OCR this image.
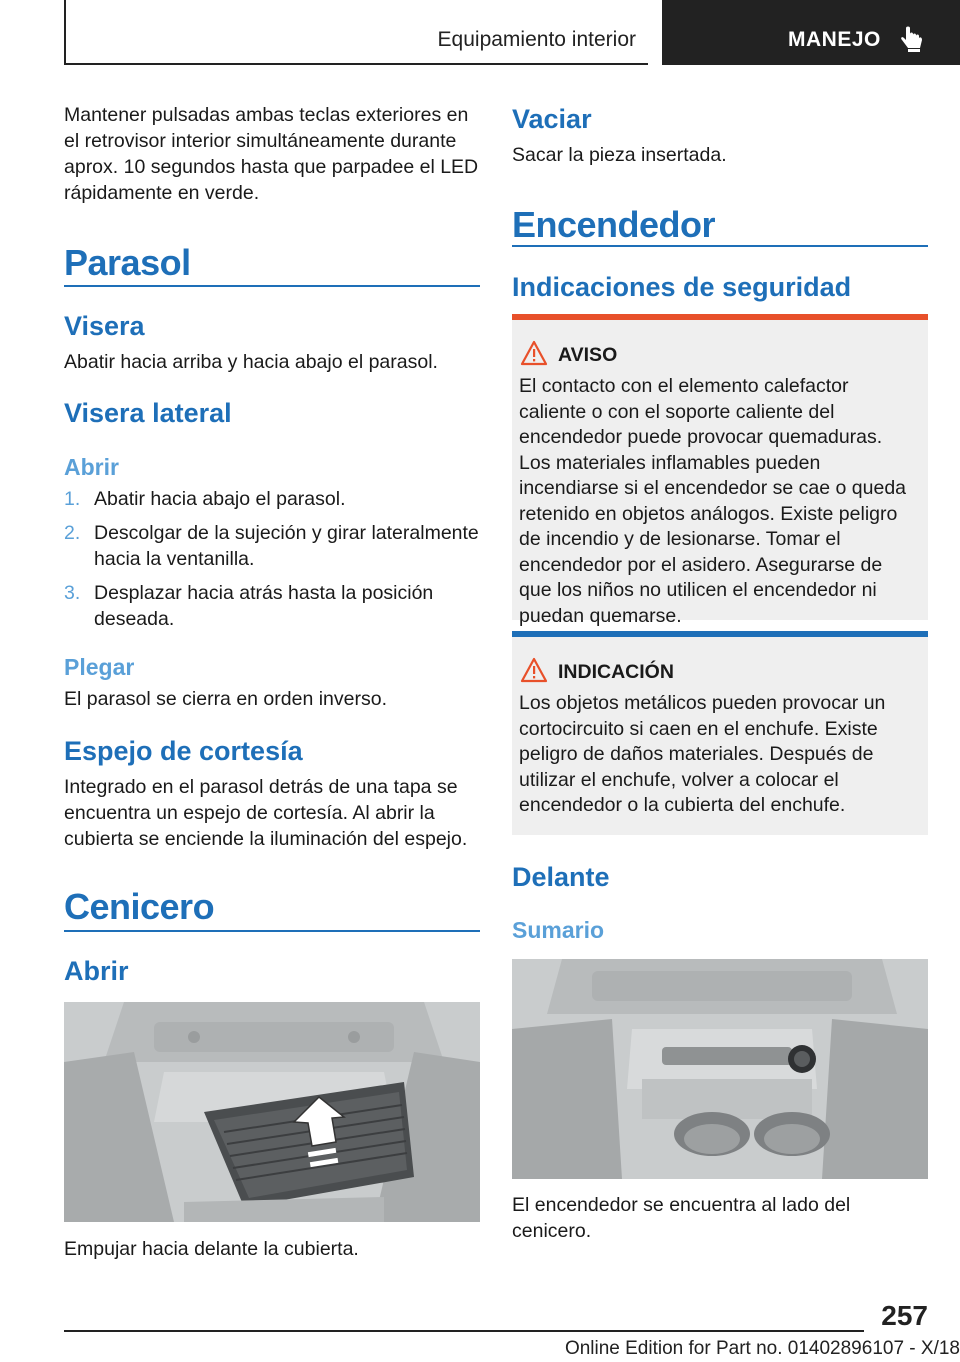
Equipamiento interior	MANEJO
Mantener pulsadas ambas teclas exteriores en el retrovisor interior simultáneamente durante aprox. 10 segundos hasta que parpadee el LED rápidamente en verde.
Parasol
Visera
Abatir hacia arriba y hacia abajo el parasol.
Visera lateral
Abrir
1. Abatir hacia abajo el parasol.
2. Descolgar de la sujeción y girar lateralmente hacia la ventanilla.
3. Desplazar hacia atrás hasta la posición deseada.
Plegar
El parasol se cierra en orden inverso.
Espejo de cortesía
Integrado en el parasol detrás de una tapa se encuentra un espejo de cortesía. Al abrir la cubierta se enciende la iluminación del espejo.
Cenicero
Abrir
Empujar hacia delante la cubierta.
Vaciar
Sacar la pieza insertada.
Encendedor
Indicaciones de seguridad
AVISO
El contacto con el elemento calefactor caliente o con el soporte caliente del encendedor puede provocar quemaduras. Los materiales inflamables pueden incendiarse si el encendedor se cae o queda retenido en objetos análogos. Existe peligro de incendio y de lesionarse. Tomar el encendedor por el asidero. Asegurarse de que los niños no utilicen el encendedor ni puedan quemarse.
INDICACIÓN
Los objetos metálicos pueden provocar un cortocircuito si caen en el enchufe. Existe peligro de daños materiales. Después de utilizar el enchufe, volver a colocar el encendedor o la cubierta del enchufe.
Delante
Sumario
El encendedor se encuentra al lado del cenicero.
257
Online Edition for Part no. 01402896107 - X/18
